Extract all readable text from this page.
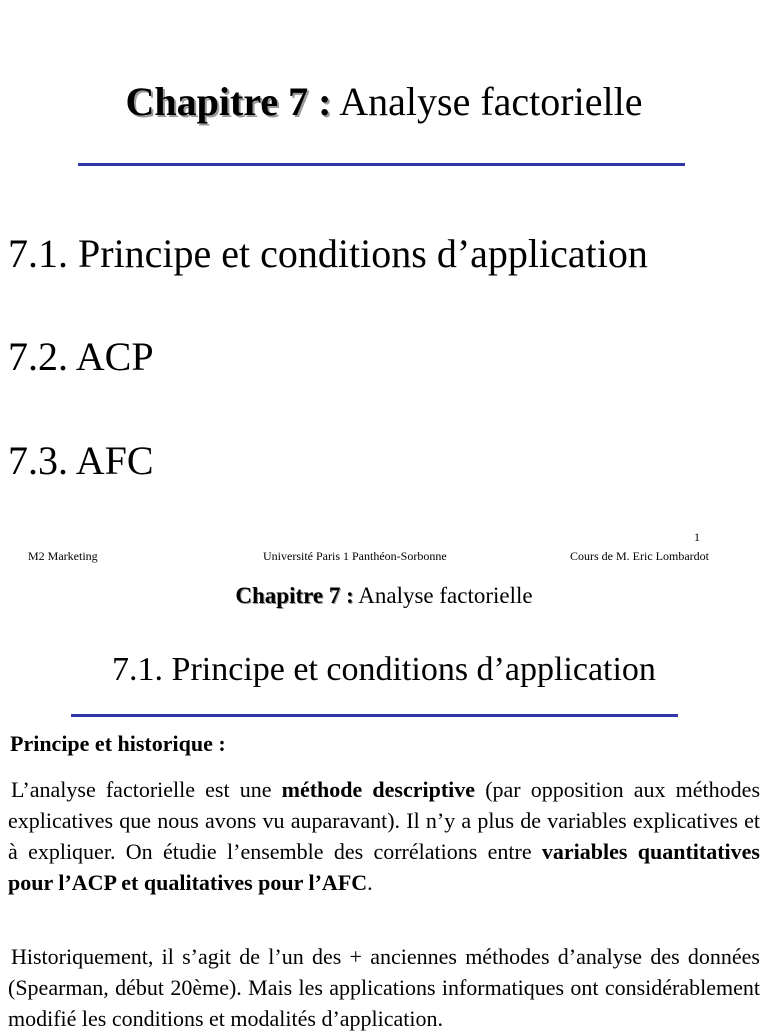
Chapitre 7 : Analyse factorielle
7.1. Principe et conditions d’application
7.2. ACP
7.3. AFC
1
M2 Marketing	Université Paris 1 Panthéon-Sorbonne	Cours de M. Eric Lombardot
Chapitre 7 : Analyse factorielle
7.1. Principe et conditions d’application
Principe et historique :

L’analyse factorielle est une méthode descriptive (par opposition aux méthodes explicatives que nous avons vu auparavant). Il n’y a plus de variables explicatives et à expliquer. On étudie l’ensemble des corrélations entre variables quantitatives pour l’ACP et qualitatives pour l’AFC.

Historiquement, il s’agit de l’un des + anciennes méthodes d’analyse des données (Spearman, début 20ème). Mais les applications informatiques ont considérablement modifié les conditions et modalités d’application.
